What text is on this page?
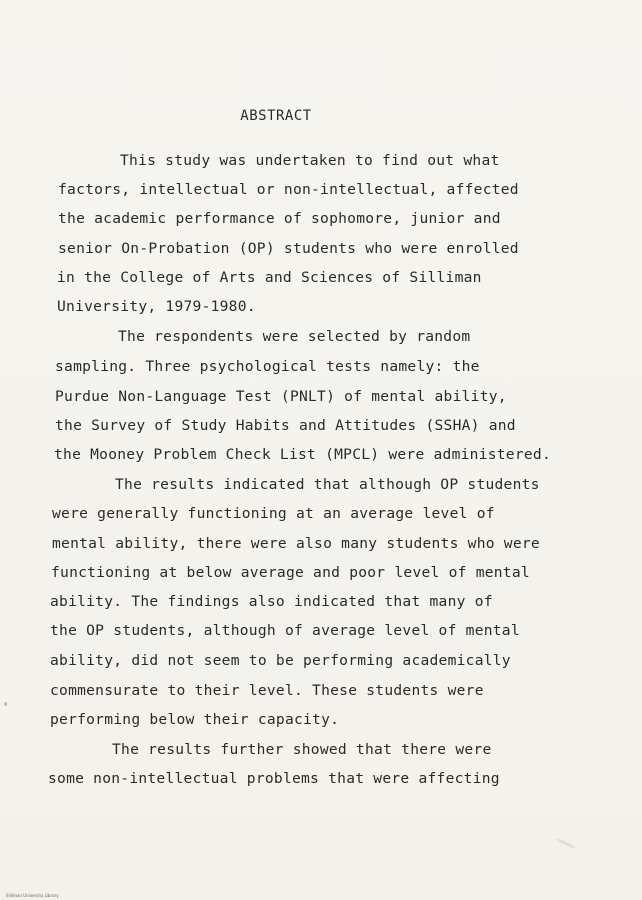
ABSTRACT
This study was undertaken to find out what
factors, intellectual or non-intellectual, affected
the academic performance of sophomore, junior and
senior On-Probation (OP) students who were enrolled
in the College of Arts and Sciences of Silliman
University, 1979-1980.
The respondents were selected by random
sampling. Three psychological tests namely: the
Purdue Non-Language Test (PNLT) of mental ability,
the Survey of Study Habits and Attitudes (SSHA) and
the Mooney Problem Check List (MPCL) were administered.
The results indicated that although OP students
were generally functioning at an average level of
mental ability, there were also many students who were
functioning at below average and poor level of mental
ability. The findings also indicated that many of
the OP students, although of average level of mental
ability, did not seem to be performing academically
commensurate to their level. These students were
performing below their capacity.
The results further showed that there were
some non-intellectual problems that were affecting
Silliman University Library
